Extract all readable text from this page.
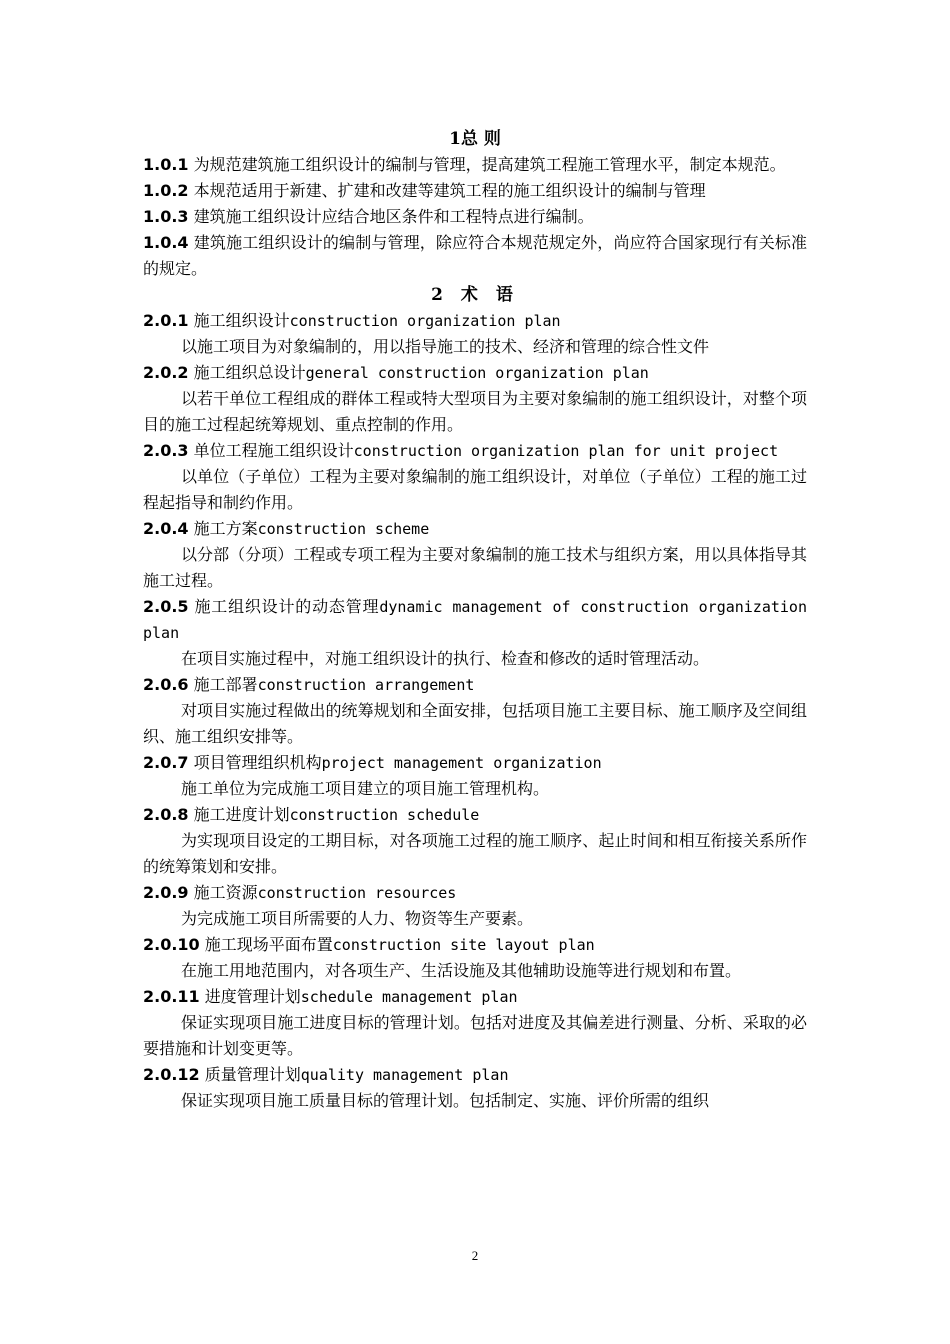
1总 则

1.0.1 为规范建筑施工组织设计的编制与管理，提高建筑工程施工管理水平，制定本规范。

1.0.2 本规范适用于新建、扩建和改建等建筑工程的施工组织设计的编制与管理

1.0.3 建筑施工组织设计应结合地区条件和工程特点进行编制。

1.0.4 建筑施工组织设计的编制与管理，除应符合本规范规定外，尚应符合国家现行有关标准的规定。

2 术 语

2.0.1 施工组织设计construction organization plan

以施工项目为对象编制的，用以指导施工的技术、经济和管理的综合性文件

2.0.2 施工组织总设计general construction organization plan

以若干单位工程组成的群体工程或特大型项目为主要对象编制的施工组织设计，对整个项目的施工过程起统筹规划、重点控制的作用。

2.0.3 单位工程施工组织设计construction organization plan for unit project

以单位（子单位）工程为主要对象编制的施工组织设计，对单位（子单位）工程的施工过程起指导和制约作用。

2.0.4 施工方案construction scheme

以分部（分项）工程或专项工程为主要对象编制的施工技术与组织方案，用以具体指导其施工过程。

2.0.5 施工组织设计的动态管理dynamic management of construction organization plan

在项目实施过程中，对施工组织设计的执行、检查和修改的适时管理活动。

2.0.6 施工部署construction arrangement

对项目实施过程做出的统筹规划和全面安排，包括项目施工主要目标、施工顺序及空间组织、施工组织安排等。

2.0.7 项目管理组织机构project management organization

施工单位为完成施工项目建立的项目施工管理机构。

2.0.8 施工进度计划construction schedule

为实现项目设定的工期目标，对各项施工过程的施工顺序、起止时间和相互衔接关系所作的统筹策划和安排。

2.0.9 施工资源construction resources

为完成施工项目所需要的人力、物资等生产要素。

2.0.10 施工现场平面布置construction site layout plan

在施工用地范围内，对各项生产、生活设施及其他辅助设施等进行规划和布置。

2.0.11 进度管理计划schedule management plan

保证实现项目施工进度目标的管理计划。包括对进度及其偏差进行测量、分析、采取的必要措施和计划变更等。

2.0.12 质量管理计划quality management plan

保证实现项目施工质量目标的管理计划。包括制定、实施、评价所需的组织

2
